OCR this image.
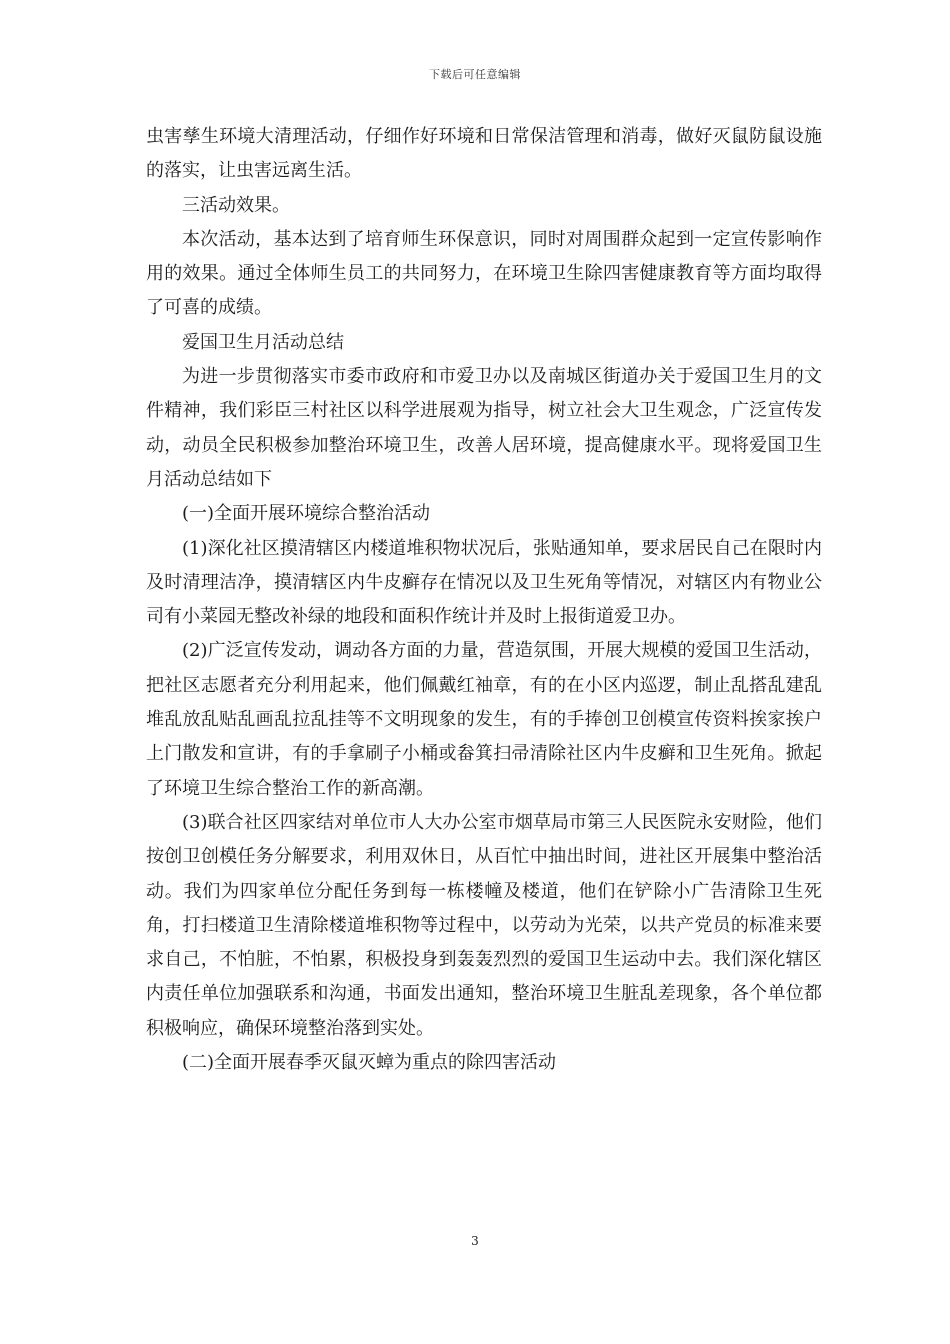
下载后可任意编辑

虫害孳生环境大清理活动，仔细作好环境和日常保洁管理和消毒，做好灭鼠防鼠设施的落实，让虫害远离生活。

三活动效果。

本次活动，基本达到了培育师生环保意识，同时对周围群众起到一定宣传影响作用的效果。通过全体师生员工的共同努力，在环境卫生除四害健康教育等方面均取得了可喜的成绩。

爱国卫生月活动总结

为进一步贯彻落实市委市政府和市爱卫办以及南城区街道办关于爱国卫生月的文件精神，我们彩臣三村社区以科学进展观为指导，树立社会大卫生观念，广泛宣传发动，动员全民积极参加整治环境卫生，改善人居环境，提高健康水平。现将爱国卫生月活动总结如下

(一)全面开展环境综合整治活动

(1)深化社区摸清辖区内楼道堆积物状况后，张贴通知单，要求居民自己在限时内及时清理洁净，摸清辖区内牛皮癣存在情况以及卫生死角等情况，对辖区内有物业公司有小菜园无整改补绿的地段和面积作统计并及时上报街道爱卫办。

(2)广泛宣传发动，调动各方面的力量，营造氛围，开展大规模的爱国卫生活动，把社区志愿者充分利用起来，他们佩戴红袖章，有的在小区内巡逻，制止乱搭乱建乱堆乱放乱贴乱画乱拉乱挂等不文明现象的发生，有的手捧创卫创模宣传资料挨家挨户上门散发和宣讲，有的手拿刷子小桶或畚箕扫帚清除社区内牛皮癣和卫生死角。掀起了环境卫生综合整治工作的新高潮。

(3)联合社区四家结对单位市人大办公室市烟草局市第三人民医院永安财险，他们按创卫创模任务分解要求，利用双休日，从百忙中抽出时间，进社区开展集中整治活动。我们为四家单位分配任务到每一栋楼幢及楼道，他们在铲除小广告清除卫生死角，打扫楼道卫生清除楼道堆积物等过程中，以劳动为光荣，以共产党员的标准来要求自己，不怕脏，不怕累，积极投身到轰轰烈烈的爱国卫生运动中去。我们深化辖区内责任单位加强联系和沟通，书面发出通知，整治环境卫生脏乱差现象，各个单位都积极响应，确保环境整治落到实处。

(二)全面开展春季灭鼠灭蟑为重点的除四害活动

3
